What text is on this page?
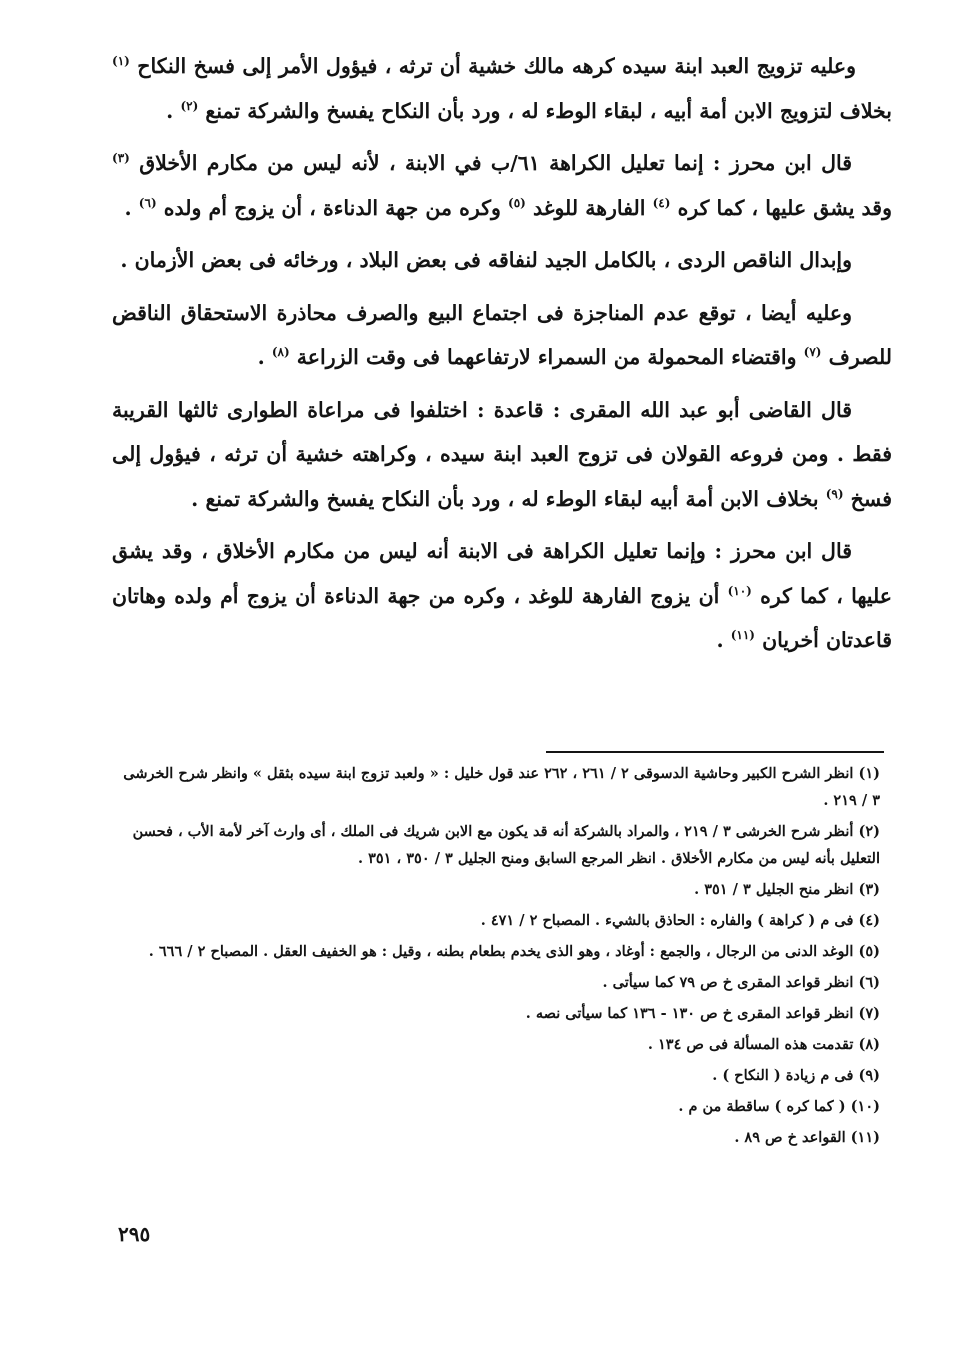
وعليه تزويج العبد ابنة سيده كرهه مالك خشية أن ترثه ، فيؤول الأمر إلى فسخ النكاح $^{(١)}$ بخلاف لتزويج الابن أمة أبيه ، لبقاء الوطء له ، ورد بأن النكاح يفسخ والشركة تمنع $^{(٢)}$ .

قال ابن محرز : إنما تعليل الكراهة ٦١/ب في الابنة ، لأنه ليس من مكارم الأخلاق $^{(٣)}$ وقد يشق عليها ، كما كره $^{(٤)}$ الفارهة للوغد $^{(٥)}$ وكره من جهة الدناءة ، أن يزوج أم ولده $^{(٦)}$ .

وإبدال الناقص الردى ، بالكامل الجيد لنفاقه فى بعض البلاد ، ورخائه فى بعض الأزمان .

وعليه أيضا ، توقع عدم المناجزة فى اجتماع البيع والصرف محاذرة الاستحقاق الناقض للصرف $^{(٧)}$ واقتضاء المحمولة من السمراء لارتفاعهما فى وقت الزراعة $^{(٨)}$ .

قال القاضى أبو عبد الله المقرى : قاعدة : اختلفوا فى مراعاة الطوارى ثالثها القريبة فقط . ومن فروعه القولان فى تزوج العبد ابنة سيده ، وكراهته خشية أن ترثه ، فيؤول إلى فسخ $^{(٩)}$ بخلاف الابن أمة أبيه لبقاء الوطء له ، ورد بأن النكاح يفسخ والشركة تمنع .

قال ابن محرز : وإنما تعليل الكراهة فى الابنة أنه ليس من مكارم الأخلاق ، وقد يشق عليها ، كما كره $^{(١٠)}$ أن يزوج الفارهة للوغد ، وكره من جهة الدناءة أن يزوج أم ولده وهاتان قاعدتان أخريان $^{(١١)}$ .

(١) انظر الشرح الكبير وحاشية الدسوقى ٢ / ٢٦١ ، ٢٦٢ عند قول خليل : « ولعبد تزوج ابنة سيده بثقل » وانظر شرح الخرشى ٣ / ٢١٩ .
(٢) أنظر شرح الخرشى ٣ / ٢١٩ ، والمراد بالشركة أنه قد يكون مع الابن شريك فى الملك ، أى وارث آخر لأمة الأب ، فحسن التعليل بأنه ليس من مكارم الأخلاق . انظر المرجع السابق ومنح الجليل ٣ / ٣٥٠ ، ٣٥١ .
(٣) انظر منح الجليل ٣ / ٣٥١ .
(٤) فى م ( كراهة ) والفاره : الحاذق بالشيء . المصباح ٢ / ٤٧١ .
(٥) الوغد الدنى من الرجال ، والجمع : أوغاد ، وهو الذى يخدم بطعام بطنه ، وقيل : هو الخفيف العقل . المصباح ٢ / ٦٦٦ .
(٦) انظر قواعد المقرى خ ص ٧٩ كما سيأتى .
(٧) انظر قواعد المقرى خ ص ١٣٠ - ١٣٦ كما سيأتى نصه .
(٨) تقدمت هذه المسألة فى ص ١٣٤ .
(٩) فى م زيادة ( النكاح ) .
(١٠) ( كما كره ) ساقطة من م .
(١١) القواعد خ ص ٨٩ .
٢٩٥
